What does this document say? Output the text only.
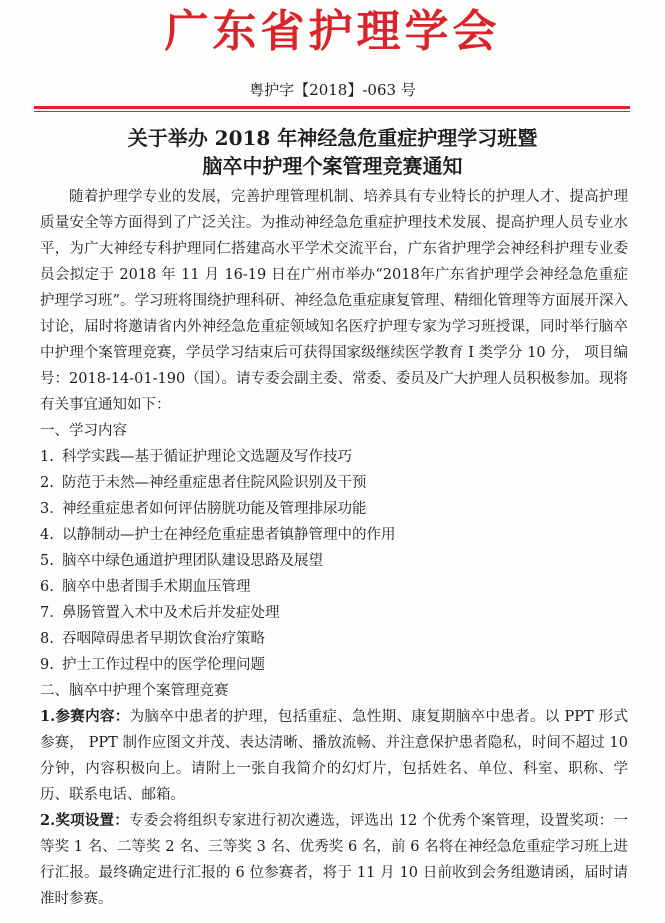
广东省护理学会
粤护字【2018】-063 号
关于举办 2018 年神经急危重症护理学习班暨
脑卒中护理个案管理竞赛通知

随着护理学专业的发展，完善护理管理机制、培养具有专业特长的护理人才、提高护理质量安全等方面得到了广泛关注。为推动神经急危重症护理技术发展、提高护理人员专业水平，为广大神经专科护理同仁搭建高水平学术交流平台，广东省护理学会神经科护理专业委员会拟定于 2018 年 11 月 16-19 日在广州市举办“2018年广东省护理学会神经急危重症护理学习班”。学习班将围绕护理科研、神经急危重症康复管理、精细化管理等方面展开深入讨论，届时将邀请省内外神经急危重症领域知名医疗护理专家为学习班授课，同时举行脑卒中护理个案管理竞赛，学员学习结束后可获得国家级继续医学教育 I 类学分 10 分， 项目编号：2018-14-01-190（国）。请专委会副主委、常委、委员及广大护理人员积极参加。现将有关事宜通知如下：

一、学习内容

1. 科学实践—基于循证护理论文选题及写作技巧

2. 防范于未然—神经重症患者住院风险识别及干预

3. 神经重症患者如何评估膀胱功能及管理排尿功能

4. 以静制动—护士在神经危重症患者镇静管理中的作用

5. 脑卒中绿色通道护理团队建设思路及展望

6. 脑卒中患者围手术期血压管理

7. 鼻肠管置入术中及术后并发症处理

8. 吞咽障碍患者早期饮食治疗策略

9. 护士工作过程中的医学伦理问题

二、脑卒中护理个案管理竞赛

1.参赛内容：为脑卒中患者的护理，包括重症、急性期、康复期脑卒中患者。以 PPT 形式参赛， PPT 制作应图文并茂、表达清晰、播放流畅、并注意保护患者隐私，时间不超过 10 分钟，内容积极向上。请附上一张自我简介的幻灯片，包括姓名、单位、科室、职称、学历、联系电话、邮箱。

2.奖项设置：专委会将组织专家进行初次遴选，评选出 12 个优秀个案管理，设置奖项：一等奖 1 名、二等奖 2 名、三等奖 3 名、优秀奖 6 名，前 6 名将在神经急危重症学习班上进行汇报。最终确定进行汇报的 6 位参赛者，将于 11 月 10 日前收到会务组邀请函，届时请准时参赛。
